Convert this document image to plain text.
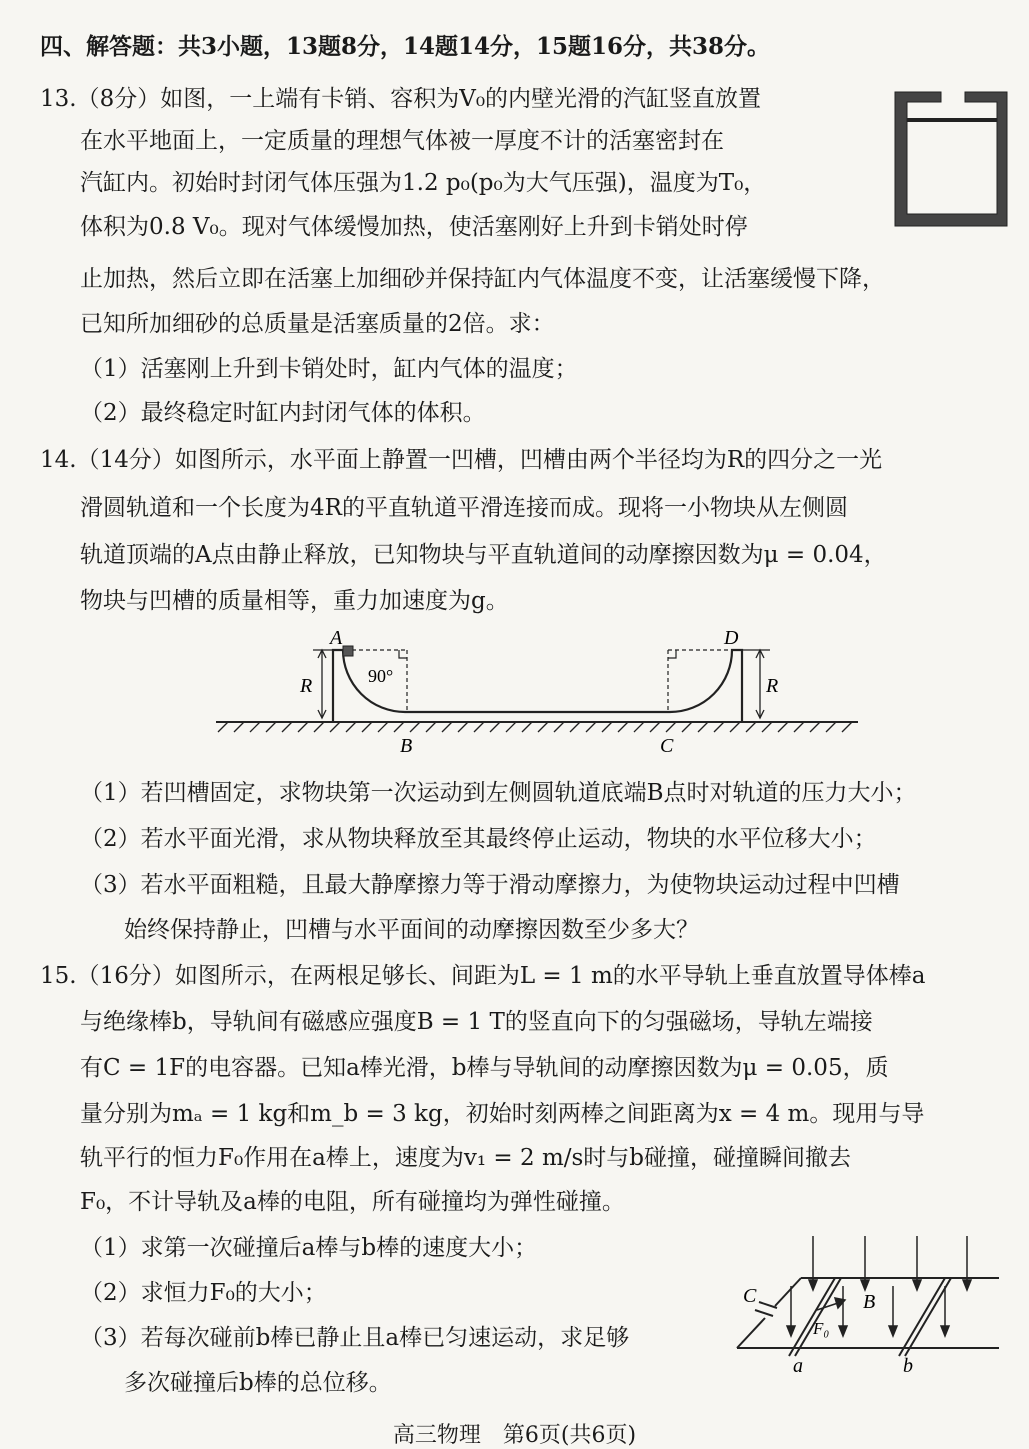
四、解答题：共3小题，13题8分，14题14分，15题16分，共38分。
13.（8分）如图，一上端有卡销、容积为V₀的内壁光滑的汽缸竖直放置
在水平地面上，一定质量的理想气体被一厚度不计的活塞密封在
汽缸内。初始时封闭气体压强为1.2 p₀(p₀为大气压强)，温度为T₀，
体积为0.8 V₀。现对气体缓慢加热，使活塞刚好上升到卡销处时停
止加热，然后立即在活塞上加细砂并保持缸内气体温度不变，让活塞缓慢下降，
已知所加细砂的总质量是活塞质量的2倍。求：
（1）活塞刚上升到卡销处时，缸内气体的温度；
（2）最终稳定时缸内封闭气体的体积。
14.（14分）如图所示，水平面上静置一凹槽，凹槽由两个半径均为R的四分之一光
滑圆轨道和一个长度为4R的平直轨道平滑连接而成。现将一小物块从左侧圆
轨道顶端的A点由静止释放，已知物块与平直轨道间的动摩擦因数为μ = 0.04，
物块与凹槽的质量相等，重力加速度为g。
A	D
R	R
90°
B	C
（1）若凹槽固定，求物块第一次运动到左侧圆轨道底端B点时对轨道的压力大小；
（2）若水平面光滑，求从物块释放至其最终停止运动，物块的水平位移大小；
（3）若水平面粗糙，且最大静摩擦力等于滑动摩擦力，为使物块运动过程中凹槽
始终保持静止，凹槽与水平面间的动摩擦因数至少多大？
15.（16分）如图所示，在两根足够长、间距为L = 1 m的水平导轨上垂直放置导体棒a
与绝缘棒b，导轨间有磁感应强度B = 1 T的竖直向下的匀强磁场，导轨左端接
有C = 1F的电容器。已知a棒光滑，b棒与导轨间的动摩擦因数为μ = 0.05，质
量分别为mₐ = 1 kg和m_b = 3 kg，初始时刻两棒之间距离为x = 4 m。现用与导
轨平行的恒力F₀作用在a棒上，速度为v₁ = 2 m/s时与b碰撞，碰撞瞬间撤去
F₀，不计导轨及a棒的电阻，所有碰撞均为弹性碰撞。
（1）求第一次碰撞后a棒与b棒的速度大小；
（2）求恒力F₀的大小；
（3）若每次碰前b棒已静止且a棒已匀速运动，求足够
多次碰撞后b棒的总位移。
C	B
F₀
a	b
高三物理　第6页(共6页)
